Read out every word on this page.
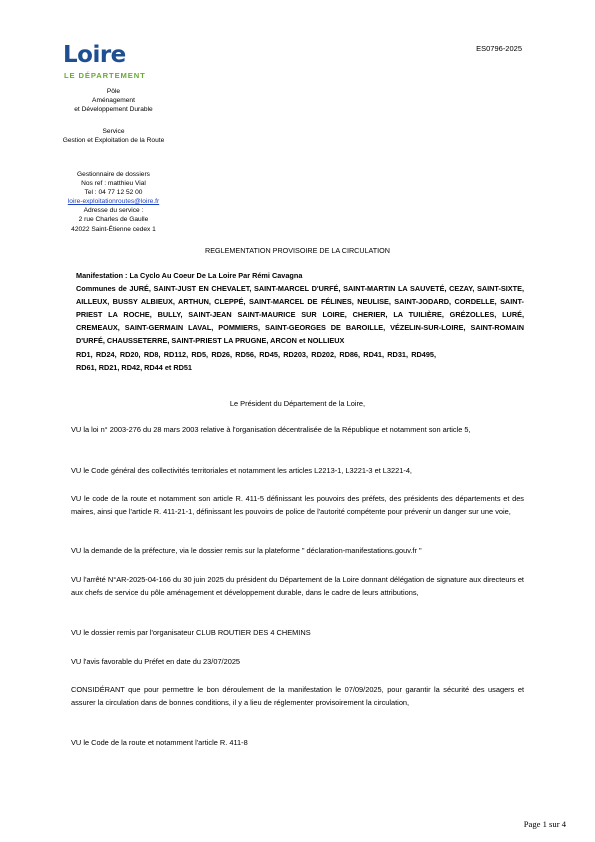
Loire
LE DÉPARTEMENT
ES0796-2025
Pôle
Aménagement
et Développement Durable
Service
Gestion et Exploitation de la Route
Gestionnaire de dossiers
Nos ref : matthieu Vial
Tel : 04 77 12 52 00
loire-exploitationroutes@loire.fr
Adresse du service :
2 rue Charles de Gaulle
42022 Saint-Étienne cedex 1
REGLEMENTATION PROVISOIRE DE LA CIRCULATION

Manifestation : La Cyclo Au Coeur De La Loire Par Rémi Cavagna

Communes de JURÉ, SAINT-JUST EN CHEVALET, SAINT-MARCEL D'URFÉ, SAINT-MARTIN LA SAUVETÉ, CEZAY, SAINT-SIXTE, AILLEUX, BUSSY ALBIEUX, ARTHUN, CLEPPÉ, SAINT-MARCEL DE FÉLINES, NEULISE, SAINT-JODARD, CORDELLE, SAINT-PRIEST LA ROCHE, BULLY, SAINT-JEAN SAINT-MAURICE SUR LOIRE, CHERIER, LA TUILIÈRE, GRÉZOLLES, LURÉ, CREMEAUX, SAINT-GERMAIN LAVAL, POMMIERS, SAINT-GEORGES DE BAROILLE, VÉZELIN-SUR-LOIRE, SAINT-ROMAIN D'URFÉ, CHAUSSETERRE, SAINT-PRIEST LA PRUGNE, ARCON et NOLLIEUX

RD1, RD24, RD20, RD8, RD112, RD5, RD26, RD56, RD45, RD203, RD202, RD86, RD41, RD31, RD495, RD61, RD21, RD42, RD44 et RD51

Le Président du Département de la Loire,

VU la loi n° 2003-276 du 28 mars 2003 relative à l'organisation décentralisée de la République et notamment son article 5,

VU le Code général des collectivités territoriales et notamment les articles L2213-1, L3221-3 et L3221-4,

VU le code de la route et notamment son article R. 411-5 définissant les pouvoirs des préfets, des présidents des départements et des maires, ainsi que l'article R. 411-21-1, définissant les pouvoirs de police de l'autorité compétente pour prévenir un danger sur une voie,

VU la demande de la préfecture, via le dossier remis sur la plateforme " déclaration-manifestations.gouv.fr "

VU l'arrêté N°AR-2025-04-166 du 30 juin 2025 du président du Département de la Loire donnant délégation de signature aux directeurs et aux chefs de service du pôle aménagement et développement durable, dans le cadre de leurs attributions,

VU le dossier remis par l'organisateur CLUB ROUTIER DES 4 CHEMINS

VU l'avis favorable du Préfet en date du 23/07/2025

CONSIDÉRANT que pour permettre le bon déroulement de la manifestation le 07/09/2025, pour garantir la sécurité des usagers et assurer la circulation dans de bonnes conditions, il y a lieu de réglementer provisoirement la circulation,

VU le Code de la route et notamment l'article R. 411-8

Page 1 sur 4
